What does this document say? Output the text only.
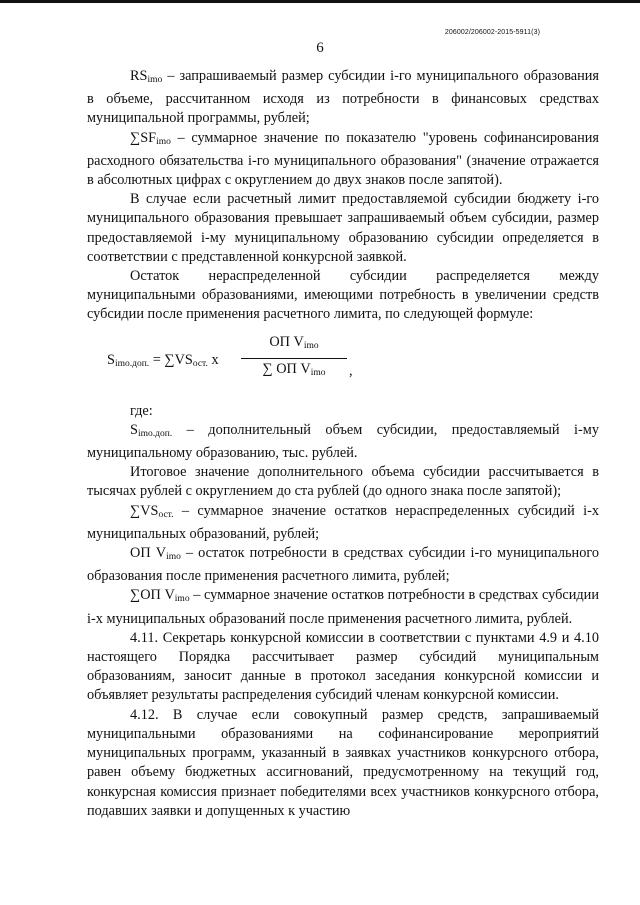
206002/206002-2015-5911(3)
6

$RS_{imo}$ – запрашиваемый размер субсидии i-го муниципального образования в объеме, рассчитанном исходя из потребности в финансовых средствах муниципальной программы, рублей;

$\sum SF_{imo}$ – суммарное значение по показателю "уровень софинансирования расходного обязательства i-го муниципального образования" (значение отражается в абсолютных цифрах с округлением до двух знаков после запятой).

В случае если расчетный лимит предоставляемой субсидии бюджету i-го муниципального образования превышает запрашиваемый объем субсидии, размер предоставляемой i-му муниципальному образованию субсидии определяется в соответствии с представленной конкурсной заявкой.

Остаток нераспределенной субсидии распределяется между муниципальными образованиями, имеющими потребность в увеличении средств субсидии после применения расчетного лимита, по следующей формуле:

$S_{imo.доп.} = \sum VS_{ост.}$ x
ОП $V_{imo}$
∑ ОП $V_{imo}$	,

где:

$S_{imo.доп.}$ – дополнительный объем субсидии, предоставляемый i-му муниципальному образованию, тыс. рублей.

Итоговое значение дополнительного объема субсидии рассчитывается в тысячах рублей с округлением до ста рублей (до одного знака после запятой);

$\sum VS_{ост.}$ – суммарное значение остатков нераспределенных субсидий i-х муниципальных образований, рублей;

ОП $V_{imo}$ – остаток потребности в средствах субсидии i-го муниципального образования после применения расчетного лимита, рублей;

∑ОП $V_{imo}$ – суммарное значение остатков потребности в средствах субсидии i-х муниципальных образований после применения расчетного лимита, рублей.

4.11. Секретарь конкурсной комиссии в соответствии с пунктами 4.9 и 4.10 настоящего Порядка рассчитывает размер субсидий муниципальным образованиям, заносит данные в протокол заседания конкурсной комиссии и объявляет результаты распределения субсидий членам конкурсной комиссии.

4.12. В случае если совокупный размер средств, запрашиваемый муниципальными образованиями на софинансирование мероприятий муниципальных программ, указанный в заявках участников конкурсного отбора, равен объему бюджетных ассигнований, предусмотренному на текущий год, конкурсная комиссия признает победителями всех участников конкурсного отбора, подавших заявки и допущенных к участию
